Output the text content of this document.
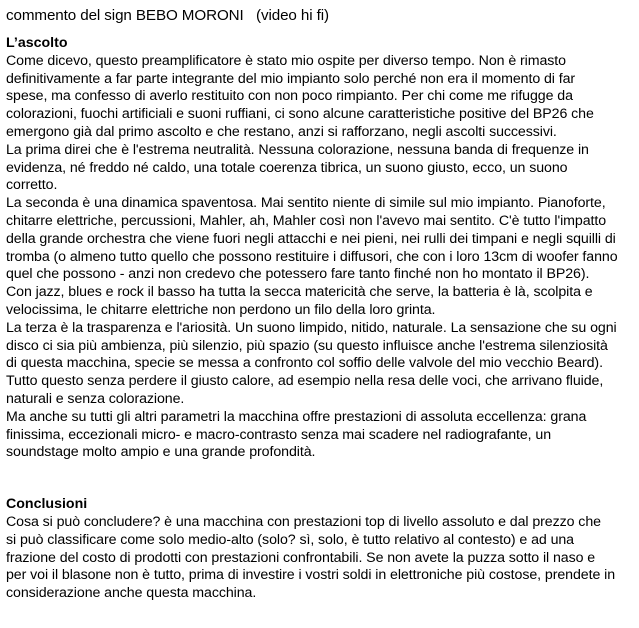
commento del sign BEBO MORONI   (video hi fi)

L’ascolto

Come dicevo, questo preamplificatore è stato mio ospite per diverso tempo. Non è rimasto
definitivamente a far parte integrante del mio impianto solo perché non era il momento di far
spese, ma confesso di averlo restituito con non poco rimpianto. Per chi come me rifugge da
colorazioni, fuochi artificiali e suoni ruffiani, ci sono alcune caratteristiche positive del BP26 che
emergono già dal primo ascolto e che restano, anzi si rafforzano, negli ascolti successivi.

La prima direi che è l'estrema neutralità. Nessuna colorazione, nessuna banda di frequenze in
evidenza, né freddo né caldo, una totale coerenza tibrica, un suono giusto, ecco, un suono
corretto.

La seconda è una dinamica spaventosa. Mai sentito niente di simile sul mio impianto. Pianoforte,
chitarre elettriche, percussioni, Mahler, ah, Mahler così non l'avevo mai sentito. C'è tutto l'impatto
della grande orchestra che viene fuori negli attacchi e nei pieni, nei rulli dei timpani e negli squilli di
tromba (o almeno tutto quello che possono restituire i diffusori, che con i loro 13cm di woofer fanno
quel che possono - anzi non credevo che potessero fare tanto finché non ho montato il BP26).

Con jazz, blues e rock il basso ha tutta la secca matericità che serve, la batteria è là, scolpita e
velocissima, le chitarre elettriche non perdono un filo della loro grinta.

La terza è la trasparenza e l'ariosità. Un suono limpido, nitido, naturale. La sensazione che su ogni
disco ci sia più ambienza, più silenzio, più spazio (su questo influisce anche l'estrema silenziosità
di questa macchina, specie se messa a confronto col soffio delle valvole del mio vecchio Beard).
Tutto questo senza perdere il giusto calore, ad esempio nella resa delle voci, che arrivano fluide,
naturali e senza colorazione.

Ma anche su tutti gli altri parametri la macchina offre prestazioni di assoluta eccellenza: grana
finissima, eccezionali micro- e macro-contrasto senza mai scadere nel radiografante, un
soundstage molto ampio e una grande profondità.

Conclusioni

Cosa si può concludere? è una macchina con prestazioni top di livello assoluto e dal prezzo che
si può classificare come solo medio-alto (solo? sì, solo, è tutto relativo al contesto) e ad una
frazione del costo di prodotti con prestazioni confrontabili. Se non avete la puzza sotto il naso e
per voi il blasone non è tutto, prima di investire i vostri soldi in elettroniche più costose, prendete in
considerazione anche questa macchina.
